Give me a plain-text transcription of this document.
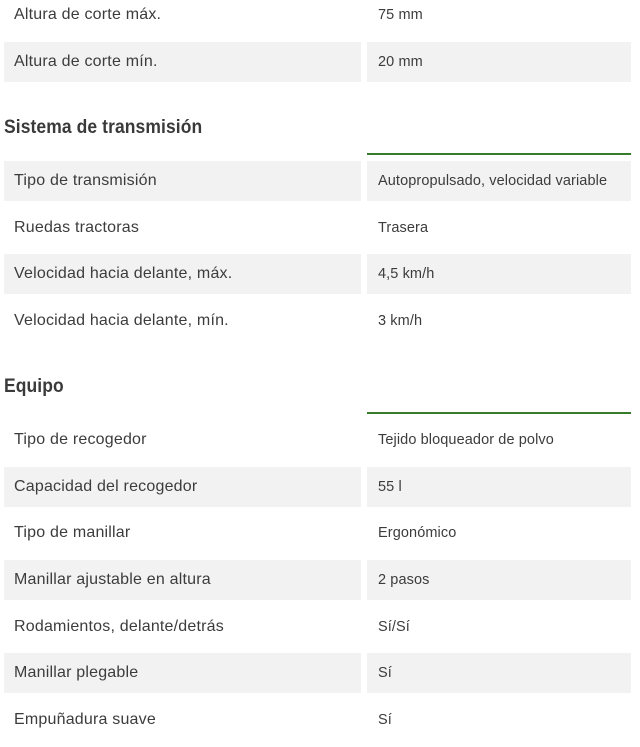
Altura de corte máx.	75 mm
Altura de corte mín.	20 mm
Sistema de transmisión
Tipo de transmisión	Autopropulsado, velocidad variable
Ruedas tractoras	Trasera
Velocidad hacia delante, máx.	4,5 km/h
Velocidad hacia delante, mín.	3 km/h
Equipo
Tipo de recogedor	Tejido bloqueador de polvo
Capacidad del recogedor	55 l
Tipo de manillar	Ergonómico
Manillar ajustable en altura	2 pasos
Rodamientos, delante/detrás	Sí/Sí
Manillar plegable	Sí
Empuñadura suave	Sí
